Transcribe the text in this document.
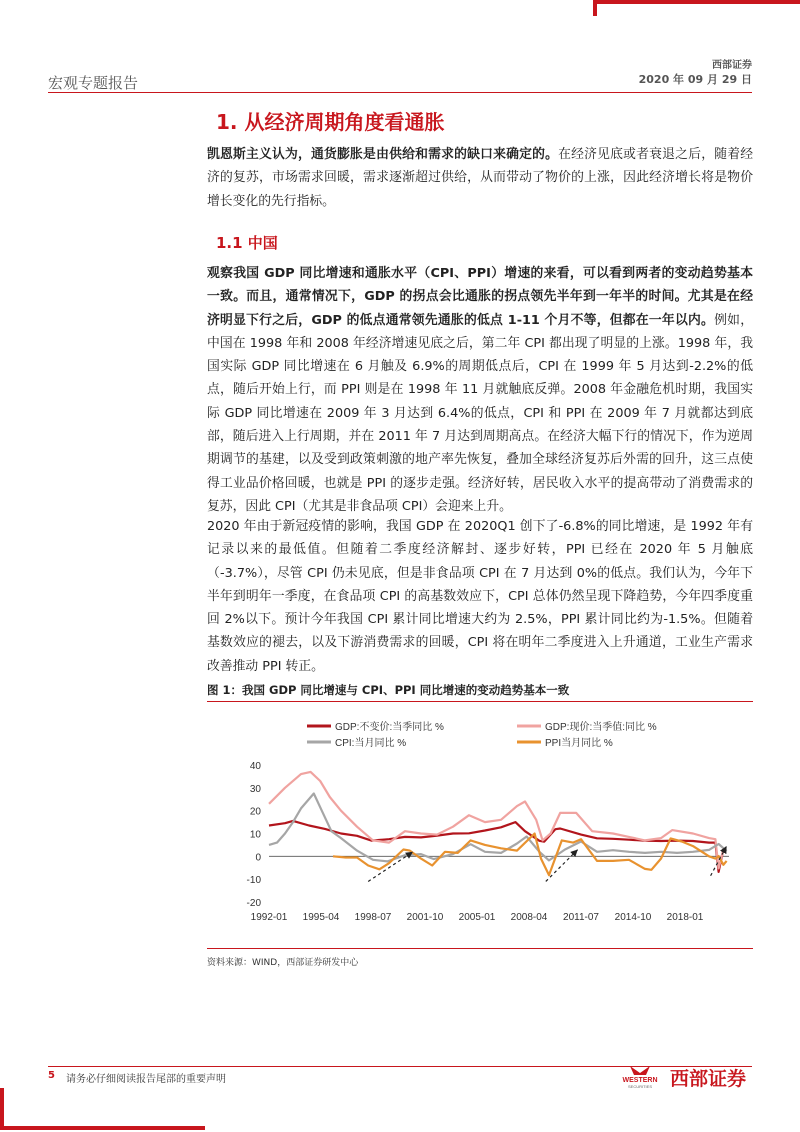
宏观专题报告
西部证券
2020 年 09 月 29 日
1. 从经济周期角度看通胀
凯恩斯主义认为，通货膨胀是由供给和需求的缺口来确定的。在经济见底或者衰退之后，随着经济的复苏，市场需求回暖，需求逐渐超过供给，从而带动了物价的上涨，因此经济增长将是物价增长变化的先行指标。
1.1 中国
观察我国 GDP 同比增速和通胀水平（CPI、PPI）增速的来看，可以看到两者的变动趋势基本一致。而且，通常情况下，GDP 的拐点会比通胀的拐点领先半年到一年半的时间。尤其是在经济明显下行之后，GDP 的低点通常领先通胀的低点 1-11 个月不等，但都在一年以内。例如，中国在 1998 年和 2008 年经济增速见底之后，第二年 CPI 都出现了明显的上涨。1998 年，我国实际 GDP 同比增速在 6 月触及 6.9%的周期低点后，CPI 在 1999 年 5 月达到-2.2%的低点，随后开始上行，而 PPI 则是在 1998 年 11 月就触底反弹。2008 年金融危机时期，我国实际 GDP 同比增速在 2009 年 3 月达到 6.4%的低点，CPI 和 PPI 在 2009 年 7 月就都达到底部，随后进入上行周期，并在 2011 年 7 月达到周期高点。在经济大幅下行的情况下，作为逆周期调节的基建，以及受到政策刺激的地产率先恢复，叠加全球经济复苏后外需的回升，这三点使得工业品价格回暖，也就是 PPI 的逐步走强。经济好转，居民收入水平的提高带动了消费需求的复苏，因此 CPI（尤其是非食品项 CPI）会迎来上升。
2020 年由于新冠疫情的影响，我国 GDP 在 2020Q1 创下了-6.8%的同比增速，是 1992 年有记录以来的最低值。但随着二季度经济解封、逐步好转，PPI 已经在 2020 年 5 月触底（-3.7%），尽管 CPI 仍未见底，但是非食品项 CPI 在 7 月达到 0%的低点。我们认为，今年下半年到明年一季度，在食品项 CPI 的高基数效应下，CPI 总体仍然呈现下降趋势，今年四季度重回 2%以下。预计今年我国 CPI 累计同比增速大约为 2.5%，PPI 累计同比约为-1.5%。但随着基数效应的褪去，以及下游消费需求的回暖，CPI 将在明年二季度进入上升通道，工业生产需求改善推动 PPI 转正。
图 1：我国 GDP 同比增速与 CPI、PPI 同比增速的变动趋势基本一致
GDP:不变价:当季同比 %	GDP:现价:当季值:同比 %
CPI:当月同比 %	PPI当月同比 %
40
30
20
10
0
-10
-20
1992-01 1995-04 1998-07 2001-10 2005-01 2008-04 2011-07 2014-10 2018-01
资料来源：WIND，西部证券研发中心
5 请务必仔细阅读报告尾部的重要声明	WESTERN
SECURITIES 西部证券
